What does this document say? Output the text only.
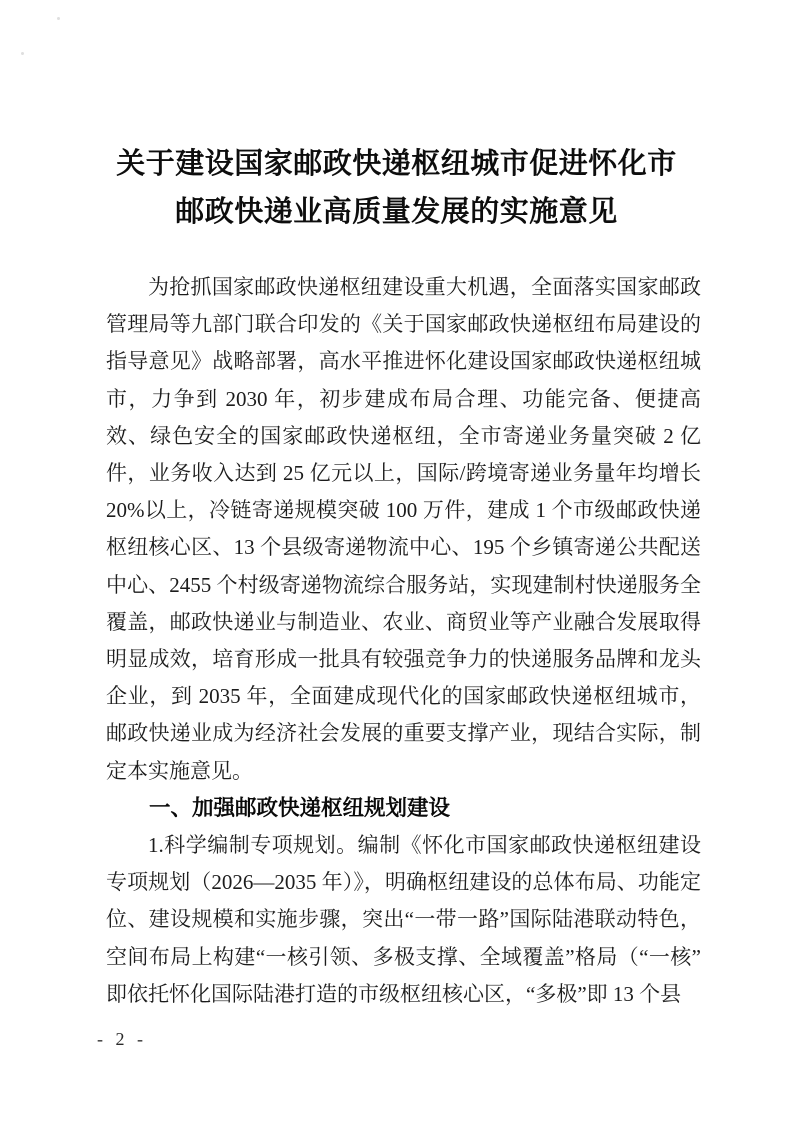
关于建设国家邮政快递枢纽城市促进怀化市
邮政快递业高质量发展的实施意见

为抢抓国家邮政快递枢纽建设重大机遇，全面落实国家邮政管理局等九部门联合印发的《关于国家邮政快递枢纽布局建设的指导意见》战略部署，高水平推进怀化建设国家邮政快递枢纽城市，力争到 2030 年，初步建成布局合理、功能完备、便捷高效、绿色安全的国家邮政快递枢纽，全市寄递业务量突破 2 亿件，业务收入达到 25 亿元以上，国际/跨境寄递业务量年均增长 20%以上，冷链寄递规模突破 100 万件，建成 1 个市级邮政快递枢纽核心区、13 个县级寄递物流中心、195 个乡镇寄递公共配送中心、2455 个村级寄递物流综合服务站，实现建制村快递服务全覆盖，邮政快递业与制造业、农业、商贸业等产业融合发展取得明显成效，培育形成一批具有较强竞争力的快递服务品牌和龙头企业，到 2035 年，全面建成现代化的国家邮政快递枢纽城市，邮政快递业成为经济社会发展的重要支撑产业，现结合实际，制定本实施意见。

一、加强邮政快递枢纽规划建设

1.科学编制专项规划。编制《怀化市国家邮政快递枢纽建设专项规划（2026—2035 年）》，明确枢纽建设的总体布局、功能定位、建设规模和实施步骤，突出“一带一路”国际陆港联动特色，空间布局上构建“一核引领、多极支撑、全域覆盖”格局（“一核”即依托怀化国际陆港打造的市级枢纽核心区，“多极”即 13 个县

- 2 -
